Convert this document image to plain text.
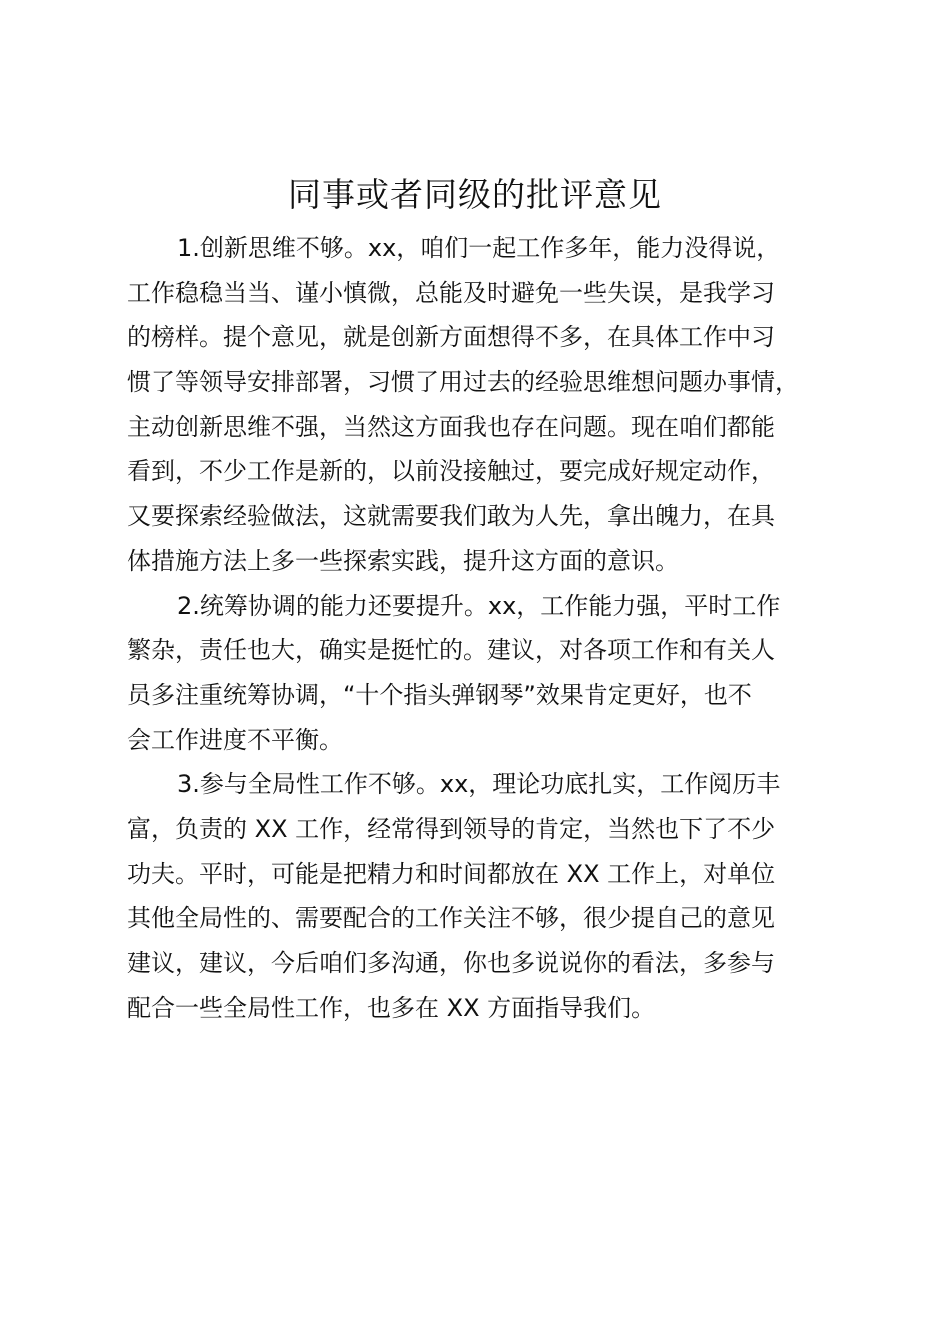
同事或者同级的批评意见
1.创新思维不够。xx，咱们一起工作多年，能力没得说，
工作稳稳当当、谨小慎微，总能及时避免一些失误，是我学习
的榜样。提个意见，就是创新方面想得不多，在具体工作中习
惯了等领导安排部署，习惯了用过去的经验思维想问题办事情，
主动创新思维不强，当然这方面我也存在问题。现在咱们都能
看到，不少工作是新的，以前没接触过，要完成好规定动作，
又要探索经验做法，这就需要我们敢为人先，拿出魄力，在具
体措施方法上多一些探索实践，提升这方面的意识。
2.统筹协调的能力还要提升。xx，工作能力强，平时工作
繁杂，责任也大，确实是挺忙的。建议，对各项工作和有关人
员多注重统筹协调，“十个指头弹钢琴”效果肯定更好，也不
会工作进度不平衡。
3.参与全局性工作不够。xx，理论功底扎实，工作阅历丰
富，负责的 XX 工作，经常得到领导的肯定，当然也下了不少
功夫。平时，可能是把精力和时间都放在 XX 工作上，对单位
其他全局性的、需要配合的工作关注不够，很少提自己的意见
建议，建议，今后咱们多沟通，你也多说说你的看法，多参与
配合一些全局性工作，也多在 XX 方面指导我们。
